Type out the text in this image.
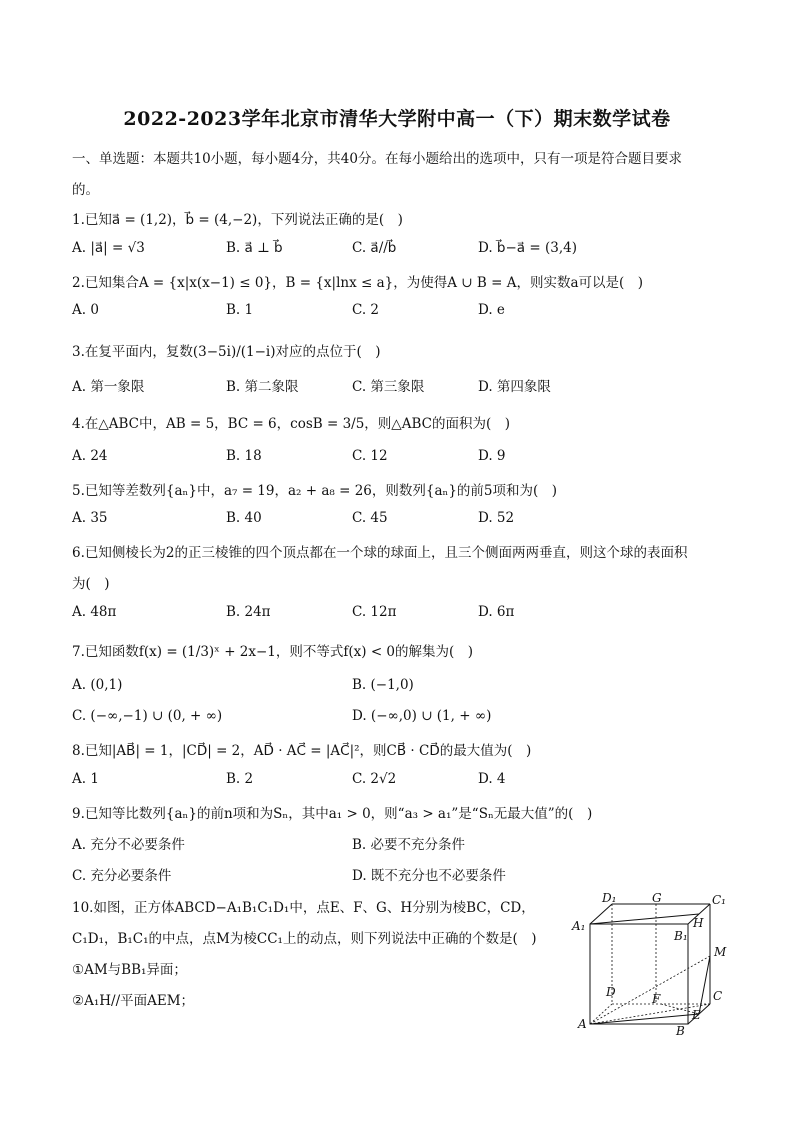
2022-2023学年北京市清华大学附中高一（下）期末数学试卷
一、单选题：本题共10小题，每小题4分，共40分。在每小题给出的选项中，只有一项是符合题目要求
的。
1.已知a⃗ = (1,2)，b⃗ = (4,−2)，下列说法正确的是(　)
A. |a⃗| = √3	B. a⃗ ⊥ b⃗	C. a⃗//b⃗	D. b⃗−a⃗ = (3,4)
2.已知集合A = {x|x(x−1) ≤ 0}，B = {x|lnx ≤ a}，为使得A ∪ B = A，则实数a可以是(　)
A. 0	B. 1	C. 2	D. e
3.在复平面内，复数(3−5i)/(1−i)对应的点位于(　)
A. 第一象限	B. 第二象限	C. 第三象限	D. 第四象限
4.在△ABC中，AB = 5，BC = 6，cosB = 3/5，则△ABC的面积为(　)
A. 24	B. 18	C. 12	D. 9
5.已知等差数列{aₙ}中，a₇ = 19，a₂ + a₈ = 26，则数列{aₙ}的前5项和为(　)
A. 35	B. 40	C. 45	D. 52
6.已知侧棱长为2的正三棱锥的四个顶点都在一个球的球面上，且三个侧面两两垂直，则这个球的表面积
为(　)
A. 48π	B. 24π	C. 12π	D. 6π
7.已知函数f(x) = (1/3)ˣ + 2x−1，则不等式f(x) < 0的解集为(　)
A. (0,1)	B. (−1,0)
C. (−∞,−1) ∪ (0, + ∞)	D. (−∞,0) ∪ (1, + ∞)
8.已知|AB⃗| = 1，|CD⃗| = 2，AD⃗ · AC⃗ = |AC⃗|²，则CB⃗ · CD⃗的最大值为(　)
A. 1	B. 2	C. 2√2	D. 4
9.已知等比数列{aₙ}的前n项和为Sₙ，其中a₁ > 0，则“a₃ > a₁”是“Sₙ无最大值”的(　)
A. 充分不必要条件	B. 必要不充分条件
C. 充分必要条件	D. 既不充分也不必要条件
10.如图，正方体ABCD−A₁B₁C₁D₁中，点E、F、G、H分别为棱BC，CD，
C₁D₁，B₁C₁的中点，点M为棱CC₁上的动点，则下列说法中正确的个数是(　)
①AM与BB₁异面；
②A₁H//平面AEM；
D₁	G	C₁
H
A₁
B₁
M
D	F	C
A
E
B
